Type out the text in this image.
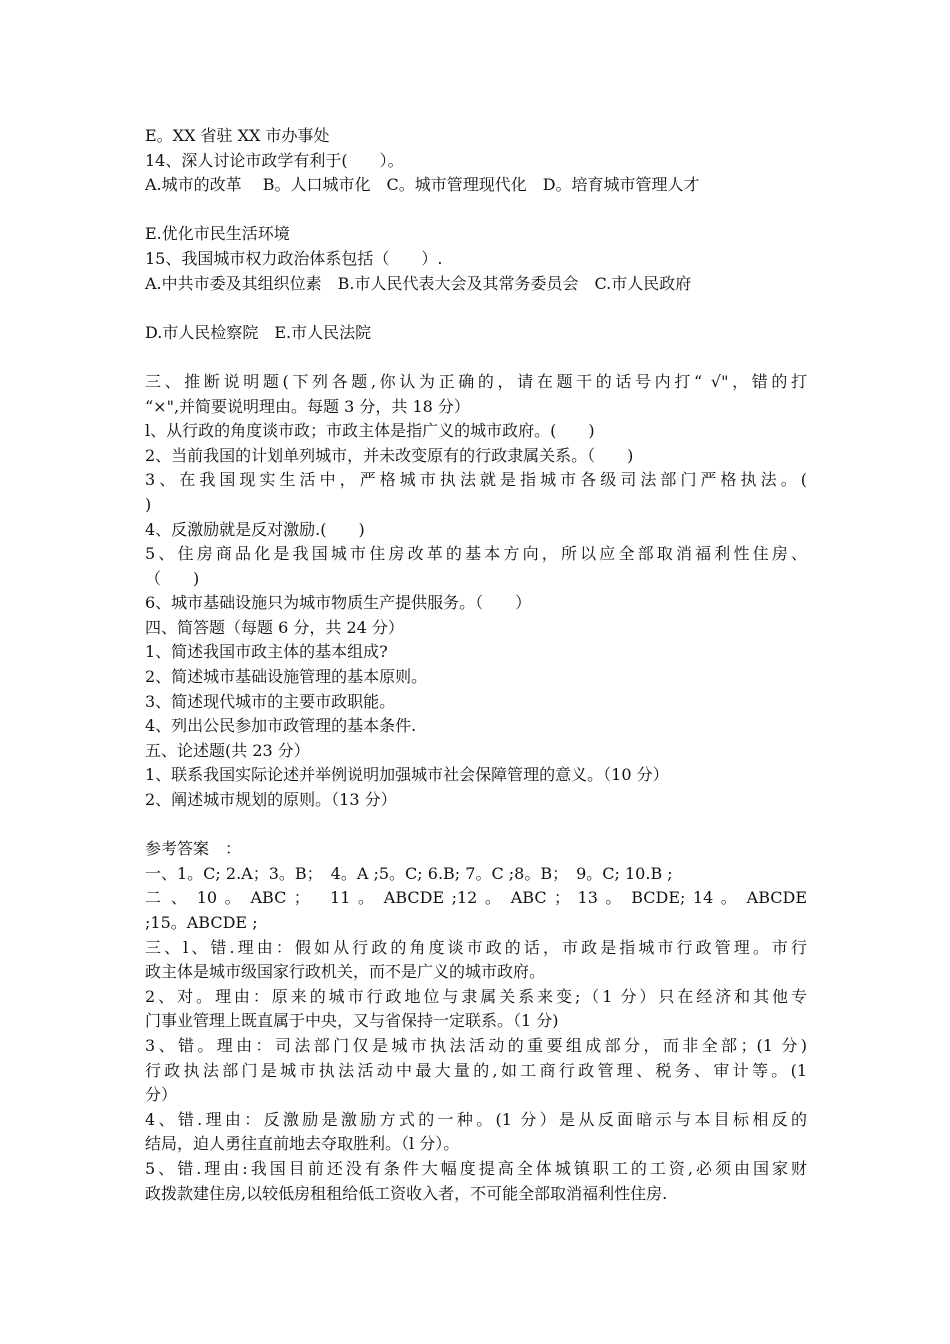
E。XX 省驻 XX 市办事处
14、深人讨论市政学有利于(　　）。
A.城市的改革　 B。人口城市化　C。城市管理现代化　D。培育城市管理人才
E.优化市民生活环境
15、我国城市权力政治体系包括（　　）.
A.中共市委及其组织位素　B.市人民代表大会及其常务委员会　C.市人民政府
D.市人民检察院　E.市人民法院
三、推断说明题(下列各题,你认为正确的，请在题干的话号内打“ √"，错的打
“×",并简要说明理由。每题 3 分，共 18 分）
l、从行政的角度谈市政；市政主体是指广义的城市政府。(　　)
2、当前我国的计划单列城市，并未改变原有的行政隶属关系。（　　)
3、在我国现实生活中，严格城市执法就是指城市各级司法部门严格执法。(
)
4、反激励就是反对激励.(　　)
5、住房商品化是我国城市住房改革的基本方向，所以应全部取消福利性住房、
（　　)
6、城市基础设施只为城市物质生产提供服务。（　　）
四、简答题（每题 6 分，共 24 分）
1、简述我国市政主体的基本组成?
2、简述城市基础设施管理的基本原则。
3、简述现代城市的主要市政职能。
4、列出公民参加市政管理的基本条件.
五、论述题(共 23 分）
1、联系我国实际论述并举例说明加强城市社会保障管理的意义。（10 分）
2、阐述城市规划的原则。（13 分）
参考答案　：
一、1。C; 2.A；3。B；　4。A ;5。C; 6.B; 7。C ;8。B；　9。C; 10.B ;
二 、 10 。 ABC ；　 11 。 ABCDE ;12 。 ABC ； 13 。 BCDE; 14 。 ABCDE
;15。ABCDE ;
三、l、错.理由：假如从行政的角度谈市政的话，市政是指城市行政管理。市行
政主体是城市级国家行政机关，而不是广义的城市政府。
2、对。理由：原来的城市行政地位与隶属关系来变;（1 分）只在经济和其他专
门事业管理上既直属于中央，又与省保持一定联系。（1 分)
3、错。理由：司法部门仅是城市执法活动的重要组成部分，而非全部；(1 分)
行政执法部门是城市执法活动中最大量的,如工商行政管理、税务、审计等。(1
分）
4、错.理由：反激励是激励方式的一种。(1 分）是从反面暗示与本目标相反的
结局，迫人勇往直前地去夺取胜利。（l 分）。
5、错.理由:我国目前还没有条件大幅度提高全体城镇职工的工资,必须由国家财
政拨款建住房,以较低房租租给低工资收入者，不可能全部取消福利性住房.
